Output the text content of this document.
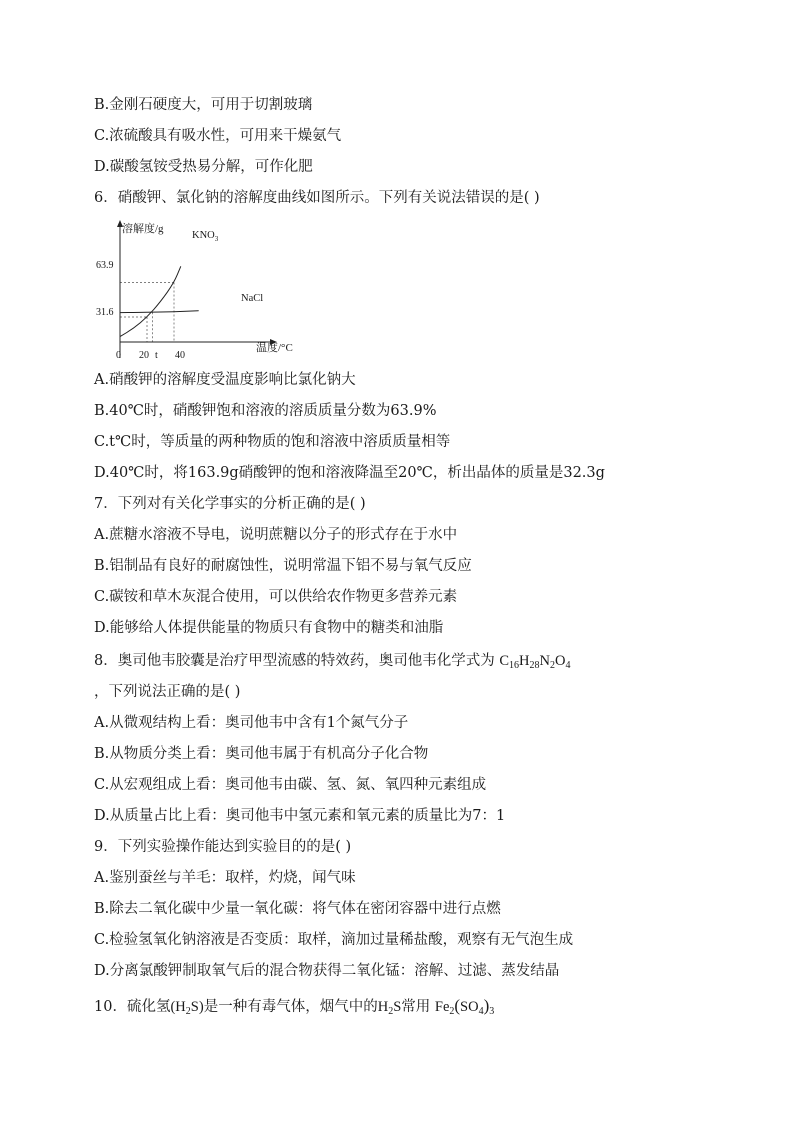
B.金刚石硬度大，可用于切割玻璃
C.浓硫酸具有吸水性，可用来干燥氨气
D.碳酸氢铵受热易分解，可作化肥
6．硝酸钾、氯化钠的溶解度曲线如图所示。下列有关说法错误的是( )
溶解度/g
温度/°C
31.6
63.9
0 20 t 40
$KNO_3$
NaCl
A.硝酸钾的溶解度受温度影响比氯化钠大
B.40℃时，硝酸钾饱和溶液的溶质质量分数为63.9%
C.t℃时，等质量的两种物质的饱和溶液中溶质质量相等
D.40℃时，将163.9g硝酸钾的饱和溶液降温至20℃，析出晶体的质量是32.3g
7．下列对有关化学事实的分析正确的是( )
A.蔗糖水溶液不导电，说明蔗糖以分子的形式存在于水中
B.铝制品有良好的耐腐蚀性，说明常温下铝不易与氧气反应
C.碳铵和草木灰混合使用，可以供给农作物更多营养元素
D.能够给人体提供能量的物质只有食物中的糖类和油脂
8．奥司他韦胶囊是治疗甲型流感的特效药，奥司他韦化学式为 $C_{16}H_{28}N_2O_4$
，下列说法正确的是( )
A.从微观结构上看：奥司他韦中含有1个氮气分子
B.从物质分类上看：奥司他韦属于有机高分子化合物
C.从宏观组成上看：奥司他韦由碳、氢、氮、氧四种元素组成
D.从质量占比上看：奥司他韦中氢元素和氧元素的质量比为7：1
9．下列实验操作能达到实验目的的是( )
A.鉴别蚕丝与羊毛：取样，灼烧，闻气味
B.除去二氧化碳中少量一氧化碳：将气体在密闭容器中进行点燃
C.检验氢氧化钠溶液是否变质：取样，滴加过量稀盐酸，观察有无气泡生成
D.分离氯酸钾制取氧气后的混合物获得二氧化锰：溶解、过滤、蒸发结晶
10．硫化氢$(H_2S)$是一种有毒气体，烟气中的$H_2S$常用 $Fe_2(SO_4)_3$
